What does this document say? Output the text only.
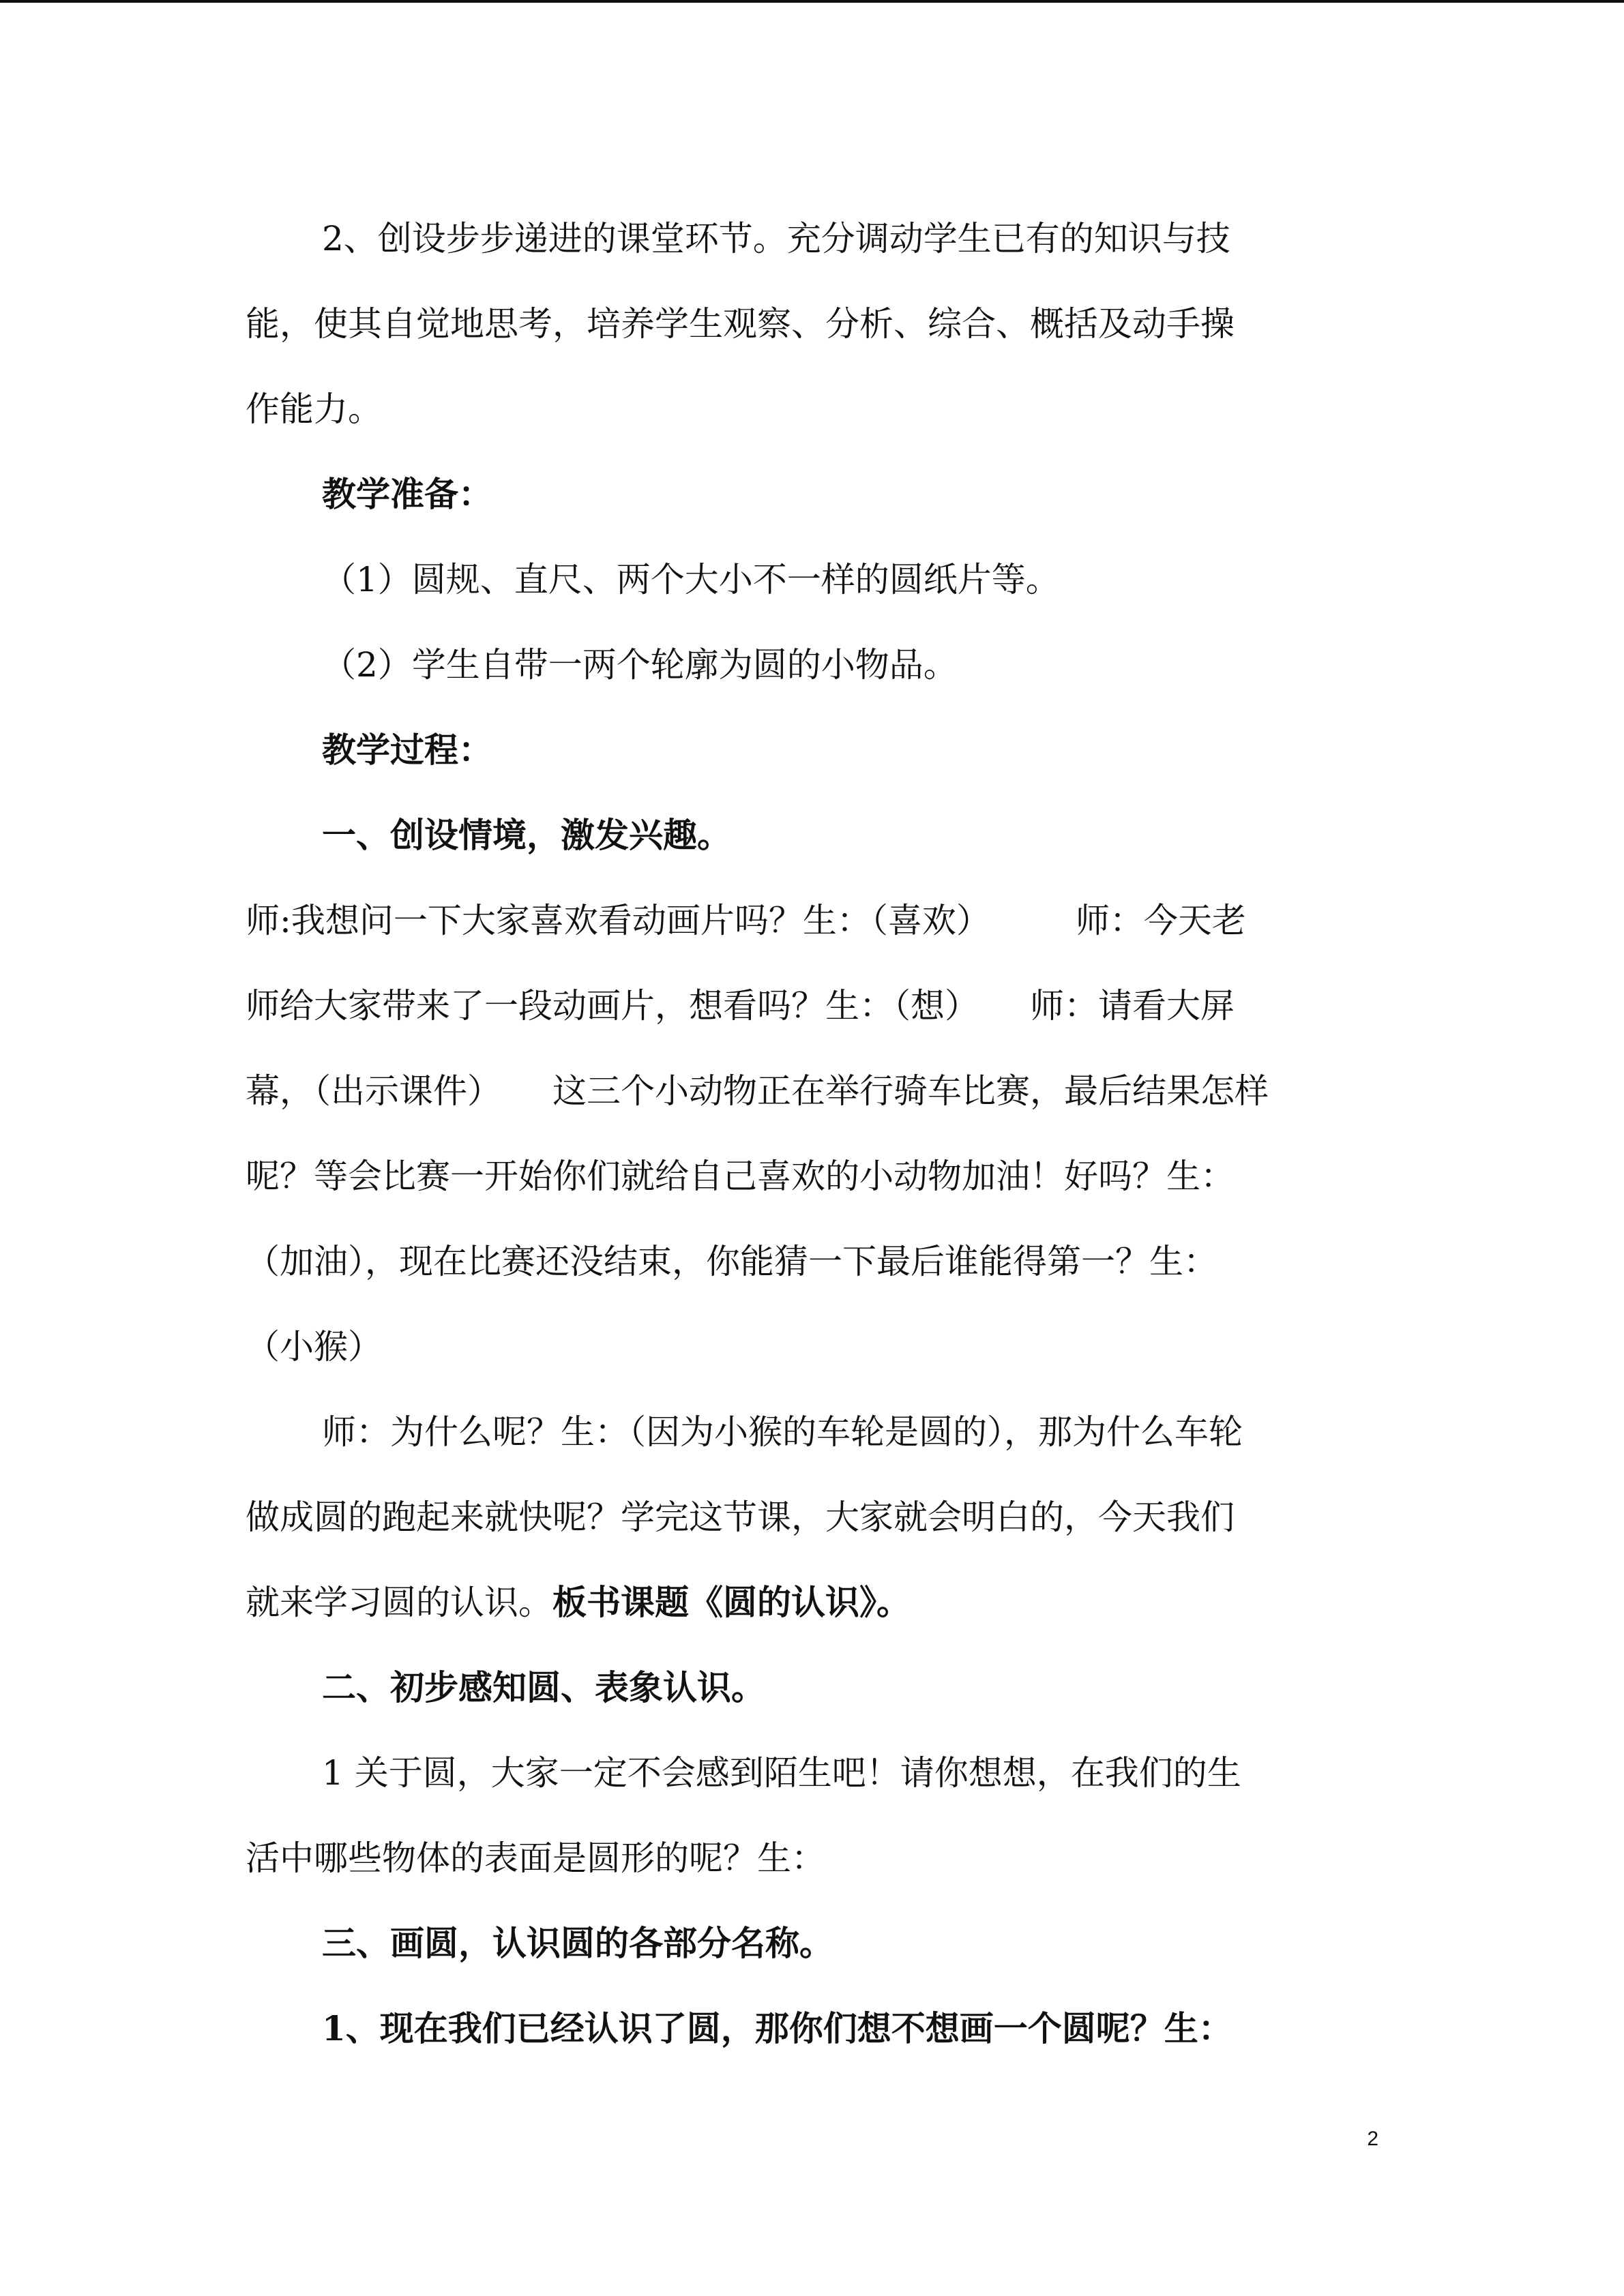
2、创设步步递进的课堂环节。充分调动学生已有的知识与技
能，使其自觉地思考，培养学生观察、分析、综合、概括及动手操
作能力。
教学准备：
（1）圆规、直尺、两个大小不一样的圆纸片等。
（2）学生自带一两个轮廓为圆的小物品。
教学过程：
一、创设情境，激发兴趣。
师:我想问一下大家喜欢看动画片吗？生：（喜欢）　　　师：今天老
师给大家带来了一段动画片，想看吗？生：（想）　　师：请看大屏
幕，（出示课件）　　这三个小动物正在举行骑车比赛，最后结果怎样
呢？等会比赛一开始你们就给自己喜欢的小动物加油！好吗？生：
（加油），现在比赛还没结束，你能猜一下最后谁能得第一？生：
（小猴）
师：为什么呢？生：（因为小猴的车轮是圆的），那为什么车轮
做成圆的跑起来就快呢？学完这节课，大家就会明白的，今天我们
就来学习圆的认识。板书课题《圆的认识》。
二、初步感知圆、表象认识。
1 关于圆，大家一定不会感到陌生吧！请你想想，在我们的生
活中哪些物体的表面是圆形的呢？生：
三、画圆，认识圆的各部分名称。
1、现在我们已经认识了圆，那你们想不想画一个圆呢？生：
2
